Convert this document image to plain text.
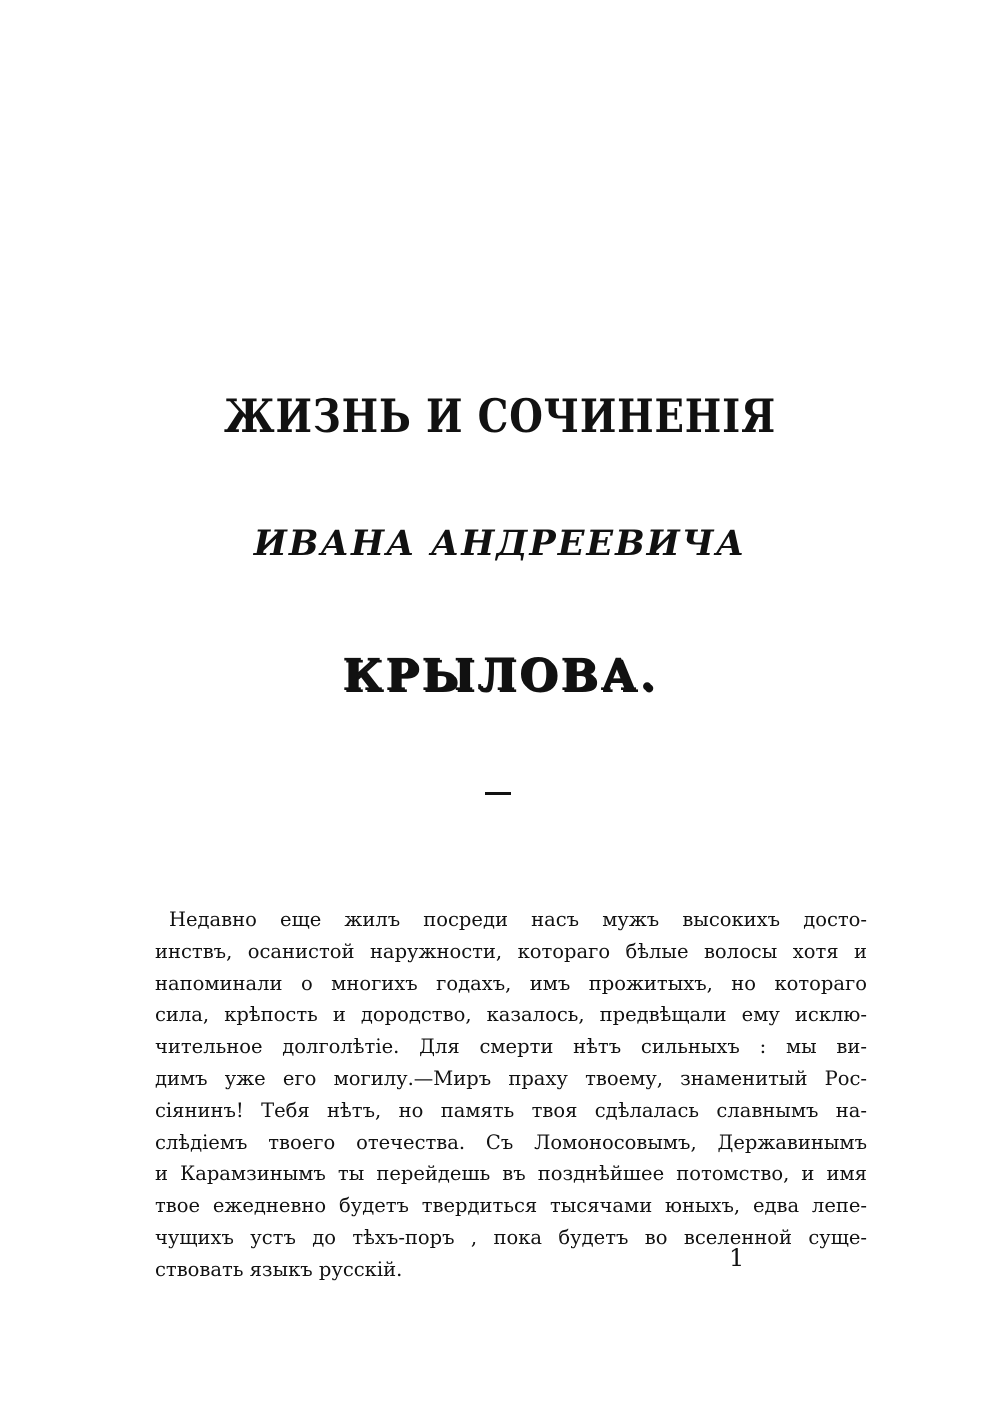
ЖИЗНЬ И СОЧИНЕНІЯ
ИВАНА АНДРЕЕВИЧА
КРЫЛОВА.
Недавно еще жилъ посреди насъ мужъ высокихъ досто-
инствъ, осанистой наружности, котораго бѣлые волосы хотя и
напоминали о многихъ годахъ, имъ прожитыхъ, но котораго
сила, крѣпость и дородство, казалось, предвѣщали ему исклю-
чительное долголѣтіе. Для смерти нѣтъ сильныхъ : мы ви-
димъ уже его могилу.—Миръ праху твоему, знаменитый Рос-
сіянинъ! Тебя нѣтъ, но память твоя сдѣлалась славнымъ на-
слѣдіемъ твоего отечества. Съ Ломоносовымъ, Державинымъ
и Карамзинымъ ты перейдешь въ позднѣйшее потомство, и имя
твое ежедневно будетъ твердиться тысячами юныхъ, едва лепе-
чущихъ устъ до тѣхъ-поръ , пока будетъ во вселенной суще-
ствовать языкъ русскій.	1
